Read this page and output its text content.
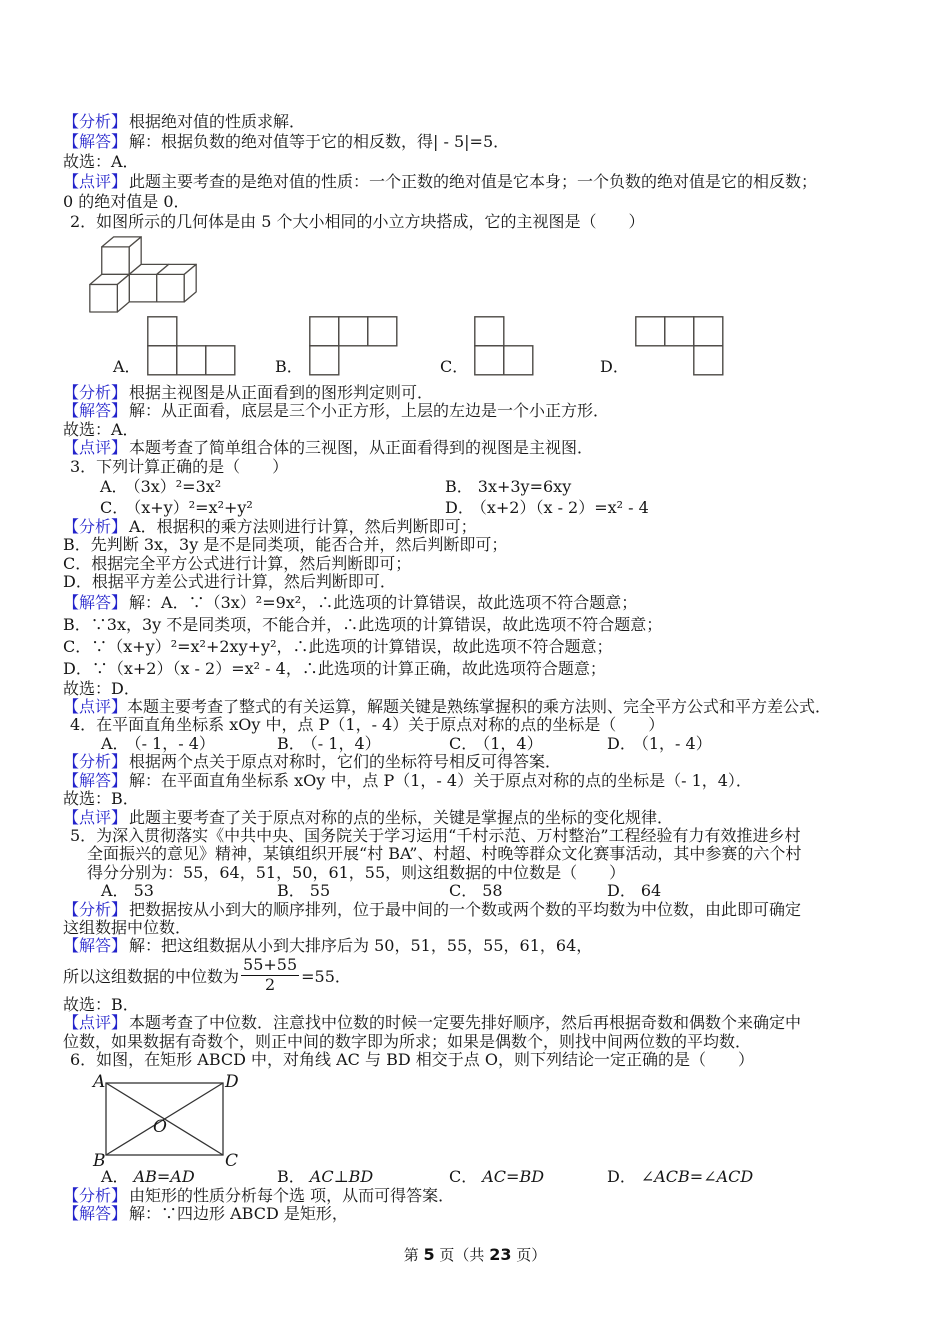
【分析】 根据绝对值的性质求解．

【解答】 解：根据负数的绝对值等于它的相反数，得| - 5|=5．

故选：A．

【点评】 此题主要考查的是绝对值的性质：一个正数的绝对值是它本身；一个负数的绝对值是它的相反数；

0 的绝对值是 0．

2．如图所示的几何体是由 5 个大小相同的小立方块搭成，它的主视图是（　　）

A．	B．	C．	D．

【分析】 根据主视图是从正面看到的图形判定则可．

【解答】 解：从正面看，底层是三个小正方形，上层的左边是一个小正方形．

故选：A．

【点评】 本题考查了简单组合体的三视图，从正面看得到的视图是主视图．

3．下列计算正确的是（　　）

A． （3x）²=3x²	B． 3x+3y=6xy

C． （x+y）²=x²+y²	D． （x+2）（x - 2）=x² - 4

【分析】 A．根据积的乘方法则进行计算，然后判断即可；

B．先判断 3x，3y 是不是同类项，能否合并，然后判断即可；

C．根据完全平方公式进行计算，然后判断即可；

D．根据平方差公式进行计算，然后判断即可．

【解答】 解：A．∵（3x）²=9x²，∴此选项的计算错误，故此选项不符合题意；

B．∵3x，3y 不是同类项，不能合并，∴此选项的计算错误，故此选项不符合题意；

C．∵（x+y）²=x²+2xy+y²，∴此选项的计算错误，故此选项不符合题意；

D．∵（x+2）（x - 2）=x² - 4，∴此选项的计算正确，故此选项符合题意；

故选：D．

【点评】本题主要考查了整式的有关运算，解题关键是熟练掌握积的乘方法则、完全平方公式和平方差公式．

4．在平面直角坐标系 xOy 中，点 P（1，- 4）关于原点对称的点的坐标是（　　）

A． （- 1，- 4）	B． （- 1，4）	C． （1，4）	D． （1，- 4）

【分析】 根据两个点关于原点对称时，它们的坐标符号相反可得答案．

【解答】 解：在平面直角坐标系 xOy 中，点 P（1，- 4）关于原点对称的点的坐标是（- 1，4）．

故选：B．

【点评】 此题主要考查了关于原点对称的点的坐标，关键是掌握点的坐标的变化规律．

5．为深入贯彻落实《中共中央、国务院关于学习运用“千村示范、万村整治”工程经验有力有效推进乡村

全面振兴的意见》精神，某镇组织开展“村 BA”、村超、村晚等群众文化赛事活动，其中参赛的六个村

得分分别为：55，64，51，50，61，55，则这组数据的中位数是（　　）

A． 53	B． 55	C． 58	D． 64

【分析】 把数据按从小到大的顺序排列，位于最中间的一个数或两个数的平均数为中位数，由此即可确定

这组数据中位数．

【解答】 解：把这组数据从小到大排序后为 50，51，55，55，61，64，

所以这组数据的中位数为 $\frac{55+55}{2} =55$．

故选：B．

【点评】 本题考查了中位数．注意找中位数的时候一定要先排好顺序，然后再根据奇数和偶数个来确定中

位数，如果数据有奇数个，则正中间的数字即为所求；如果是偶数个，则找中间两位数的平均数．

6．如图，在矩形 ABCD 中，对角线 AC 与 BD 相交于点 O，则下列结论一定正确的是（　　）

A	D
B	C
O

A． AB=AD	B． AC⊥BD	C． AC=BD	D． ∠ACB=∠ACD

【分析】 由矩形的性质分析每个选 项，从而可得答案．

【解答】 解：∵四边形 ABCD 是矩形，

第 5 页（共 23 页）
